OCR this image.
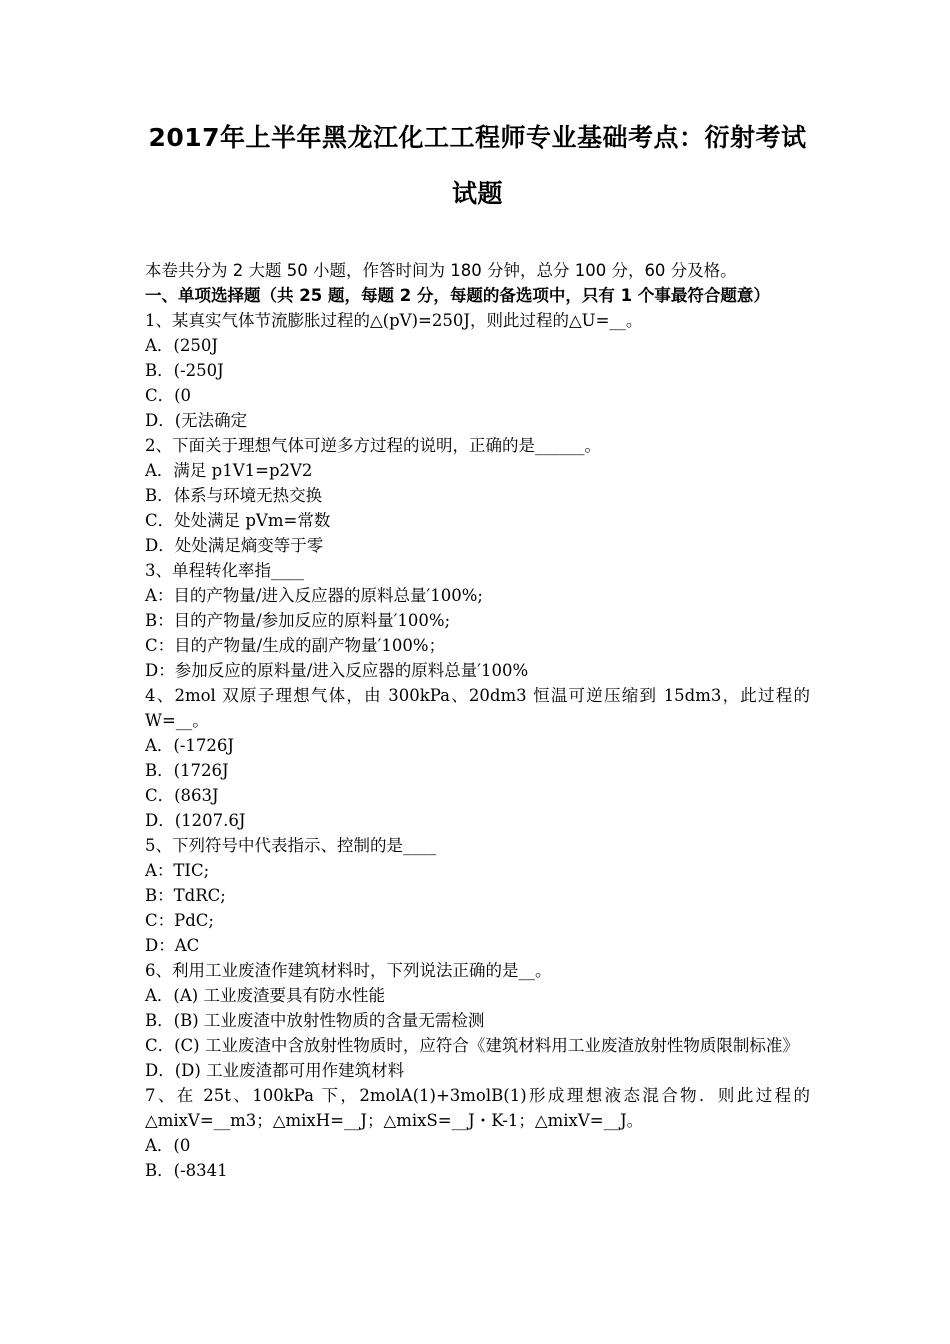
2017年上半年黑龙江化工工程师专业基础考点：衍射考试
试题
本卷共分为 2 大题 50 小题，作答时间为 180 分钟，总分 100 分，60 分及格。
一、单项选择题（共 25 题，每题 2 分，每题的备选项中，只有 1 个事最符合题意）
1、某真实气体节流膨胀过程的△(pV)=250J，则此过程的△U=__。
A．(250J
B．(-250J
C．(0
D．(无法确定
2、下面关于理想气体可逆多方过程的说明，正确的是______。
A．满足 p1V1=p2V2
B．体系与环境无热交换
C．处处满足 pVm=常数
D．处处满足熵变等于零
3、单程转化率指____
A：目的产物量/进入反应器的原料总量′100%;
B：目的产物量/参加反应的原料量′100%;
C：目的产物量/生成的副产物量′100%；
D：参加反应的原料量/进入反应器的原料总量′100%
4、2mol 双原子理想气体，由 300kPa、20dm3 恒温可逆压缩到 15dm3，此过程的 W=__。
A．(-1726J
B．(1726J
C．(863J
D．(1207.6J
5、下列符号中代表指示、控制的是____
A：TIC;
B：TdRC;
C：PdC;
D：AC
6、利用工业废渣作建筑材料时，下列说法正确的是__。
A．(A) 工业废渣要具有防水性能
B．(B) 工业废渣中放射性物质的含量无需检测
C．(C) 工业废渣中含放射性物质时，应符合《建筑材料用工业废渣放射性物质限制标准》
D．(D) 工业废渣都可用作建筑材料
7、在 25t、100kPa 下，2molA(1)+3molB(1)形成理想液态混合物．则此过程的△mixV=__m3；△mixH=__J；△mixS=__J・K-1；△mixV=__J。
A．(0
B．(-8341
